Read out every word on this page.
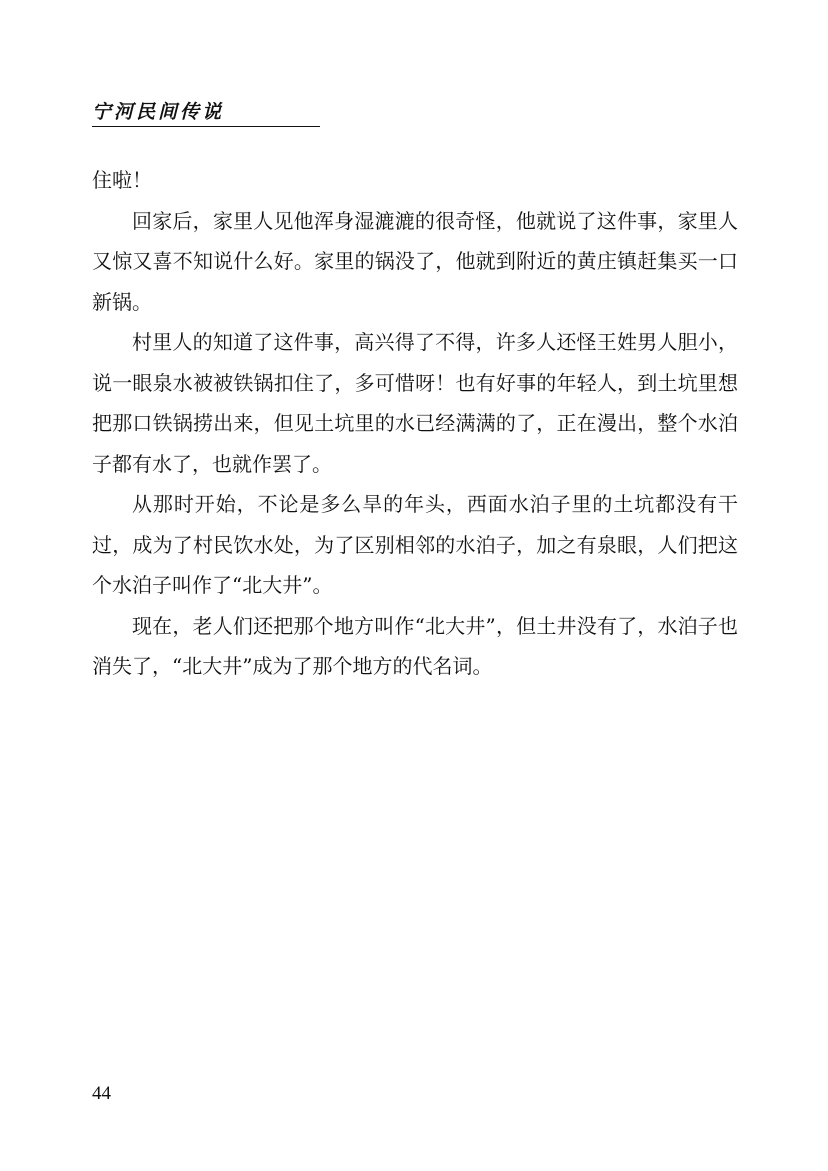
宁河民间传说

住啦！

回家后，家里人见他浑身湿漉漉的很奇怪，他就说了这件事，家里人又惊又喜不知说什么好。家里的锅没了，他就到附近的黄庄镇赶集买一口新锅。

村里人的知道了这件事，高兴得了不得，许多人还怪王姓男人胆小，说一眼泉水被被铁锅扣住了，多可惜呀！也有好事的年轻人，到土坑里想把那口铁锅捞出来，但见土坑里的水已经满满的了，正在漫出，整个水泊子都有水了，也就作罢了。

从那时开始，不论是多么旱的年头，西面水泊子里的土坑都没有干过，成为了村民饮水处，为了区别相邻的水泊子，加之有泉眼，人们把这个水泊子叫作了“北大井”。

现在，老人们还把那个地方叫作“北大井”，但土井没有了，水泊子也消失了，“北大井”成为了那个地方的代名词。

44
